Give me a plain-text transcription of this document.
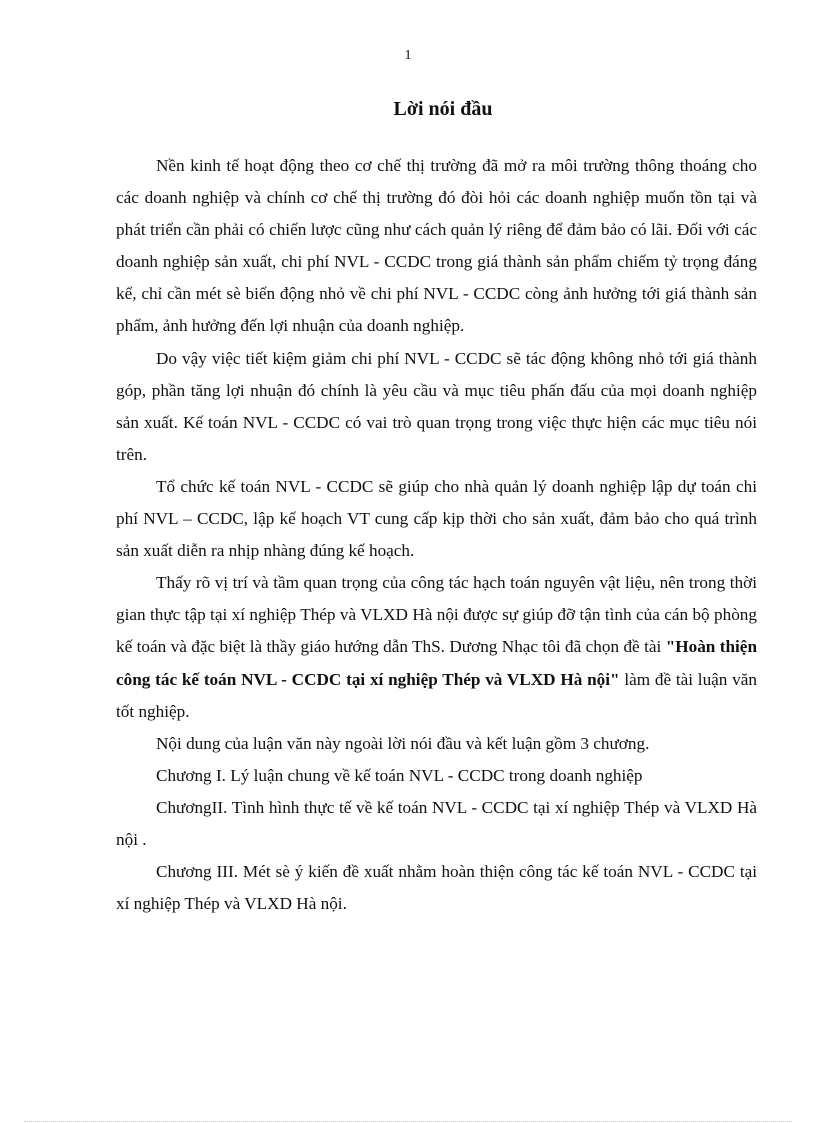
1
Lời nói đầu

Nền kinh tế hoạt động theo cơ chế thị trường đã mở ra môi trường thông thoáng cho các doanh nghiệp và chính cơ chế thị trường đó đòi hỏi các doanh nghiệp muốn tồn tại và phát triển cần phải có chiến lược cũng như cách quản lý riêng để đảm bảo có lãi. Đối với các doanh nghiệp sản xuất, chi phí NVL - CCDC trong giá thành sản phẩm chiếm tỷ trọng đáng kể, chỉ cần mét sè biến động nhỏ về chi phí NVL - CCDC còng ảnh hưởng tới giá thành sản phẩm, ảnh hưởng đến lợi nhuận của doanh nghiệp.

Do vậy việc tiết kiệm giảm chi phí NVL - CCDC sẽ tác động không nhỏ tới giá thành góp, phần tăng lợi nhuận đó chính là yêu cầu và mục tiêu phấn đấu của mọi doanh nghiệp sản xuất. Kế toán NVL - CCDC có vai trò quan trọng trong việc thực hiện các mục tiêu nói trên.

Tổ chức kế toán NVL - CCDC sẽ giúp cho nhà quản lý doanh nghiệp lập dự toán chi phí NVL – CCDC, lập kế hoạch VT cung cấp kịp thời cho sản xuất, đảm bảo cho quá trình sản xuất diễn ra nhịp nhàng đúng kế hoạch.

Thấy rõ vị trí và tầm quan trọng của công tác hạch toán nguyên vật liệu, nên trong thời gian thực tập tại xí nghiệp Thép và VLXD Hà nội được sự giúp đỡ tận tình của cán bộ phòng kế toán và đặc biệt là thầy giáo hướng dẫn ThS. Dương Nhạc tôi đã chọn đề tài "Hoàn thiện công tác kế toán NVL - CCDC tại xí nghiệp Thép và VLXD Hà nội" làm đề tài luận văn tốt nghiệp.

Nội dung của luận văn này ngoài lời nói đầu và kết luận gồm 3 chương.

Chương I. Lý luận chung về kế toán NVL - CCDC trong doanh nghiệp

ChươngII. Tình hình thực tế về kế toán NVL - CCDC tại xí nghiệp Thép và VLXD Hà nội .

Chương III. Mét sè ý kiến đề xuất nhằm hoàn thiện công tác kế toán NVL - CCDC tại xí nghiệp Thép và VLXD Hà nội.
